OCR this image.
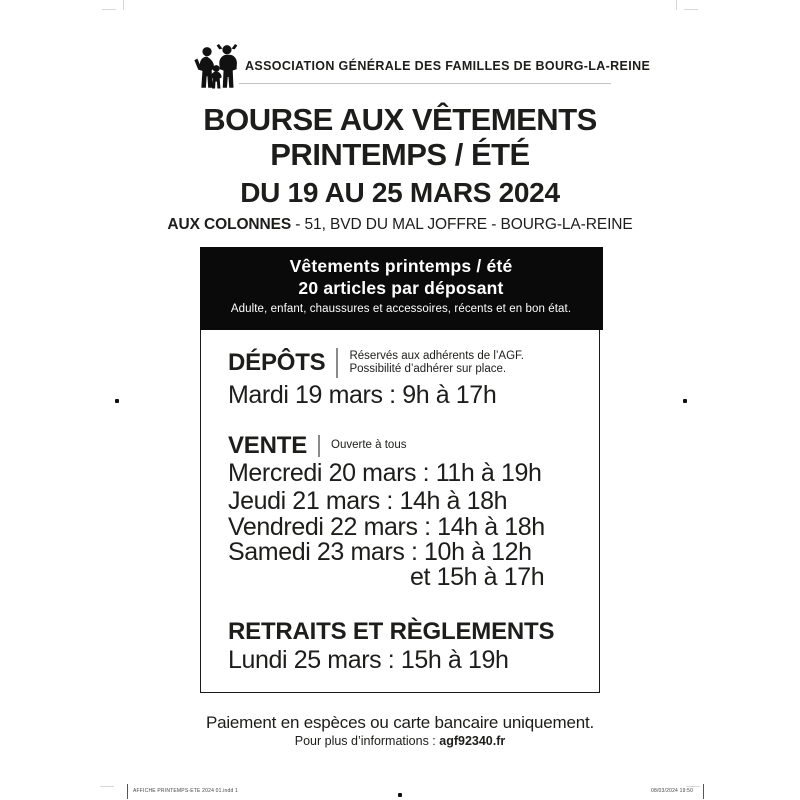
ASSOCIATION GÉNÉRALE DES FAMILLES DE BOURG-LA-REINE
BOURSE AUX VÊTEMENTS
PRINTEMPS / ÉTÉ
DU 19 AU 25 MARS 2024
AUX COLONNES - 51, BVD DU MAL JOFFRE - BOURG-LA-REINE
Vêtements printemps / été
20 articles par déposant
Adulte, enfant, chaussures et accessoires, récents et en bon état.
DÉPÔTS Réservés aux adhérents de l’AGF.
Possibilité d’adhérer sur place.
Mardi 19 mars : 9h à 17h
VENTE Ouverte à tous
Mercredi 20 mars : 11h à 19h
Jeudi 21 mars : 14h à 18h
Vendredi 22 mars : 14h à 18h
Samedi 23 mars : 10h à 12h
et 15h à 17h
RETRAITS ET RÈGLEMENTS
Lundi 25 mars : 15h à 19h
Paiement en espèces ou carte bancaire uniquement.
Pour plus d’informations : agf92340.fr
AFFICHE PRINTEMPS-ETE 2024 01.indd 1	08/03/2024 19:50
